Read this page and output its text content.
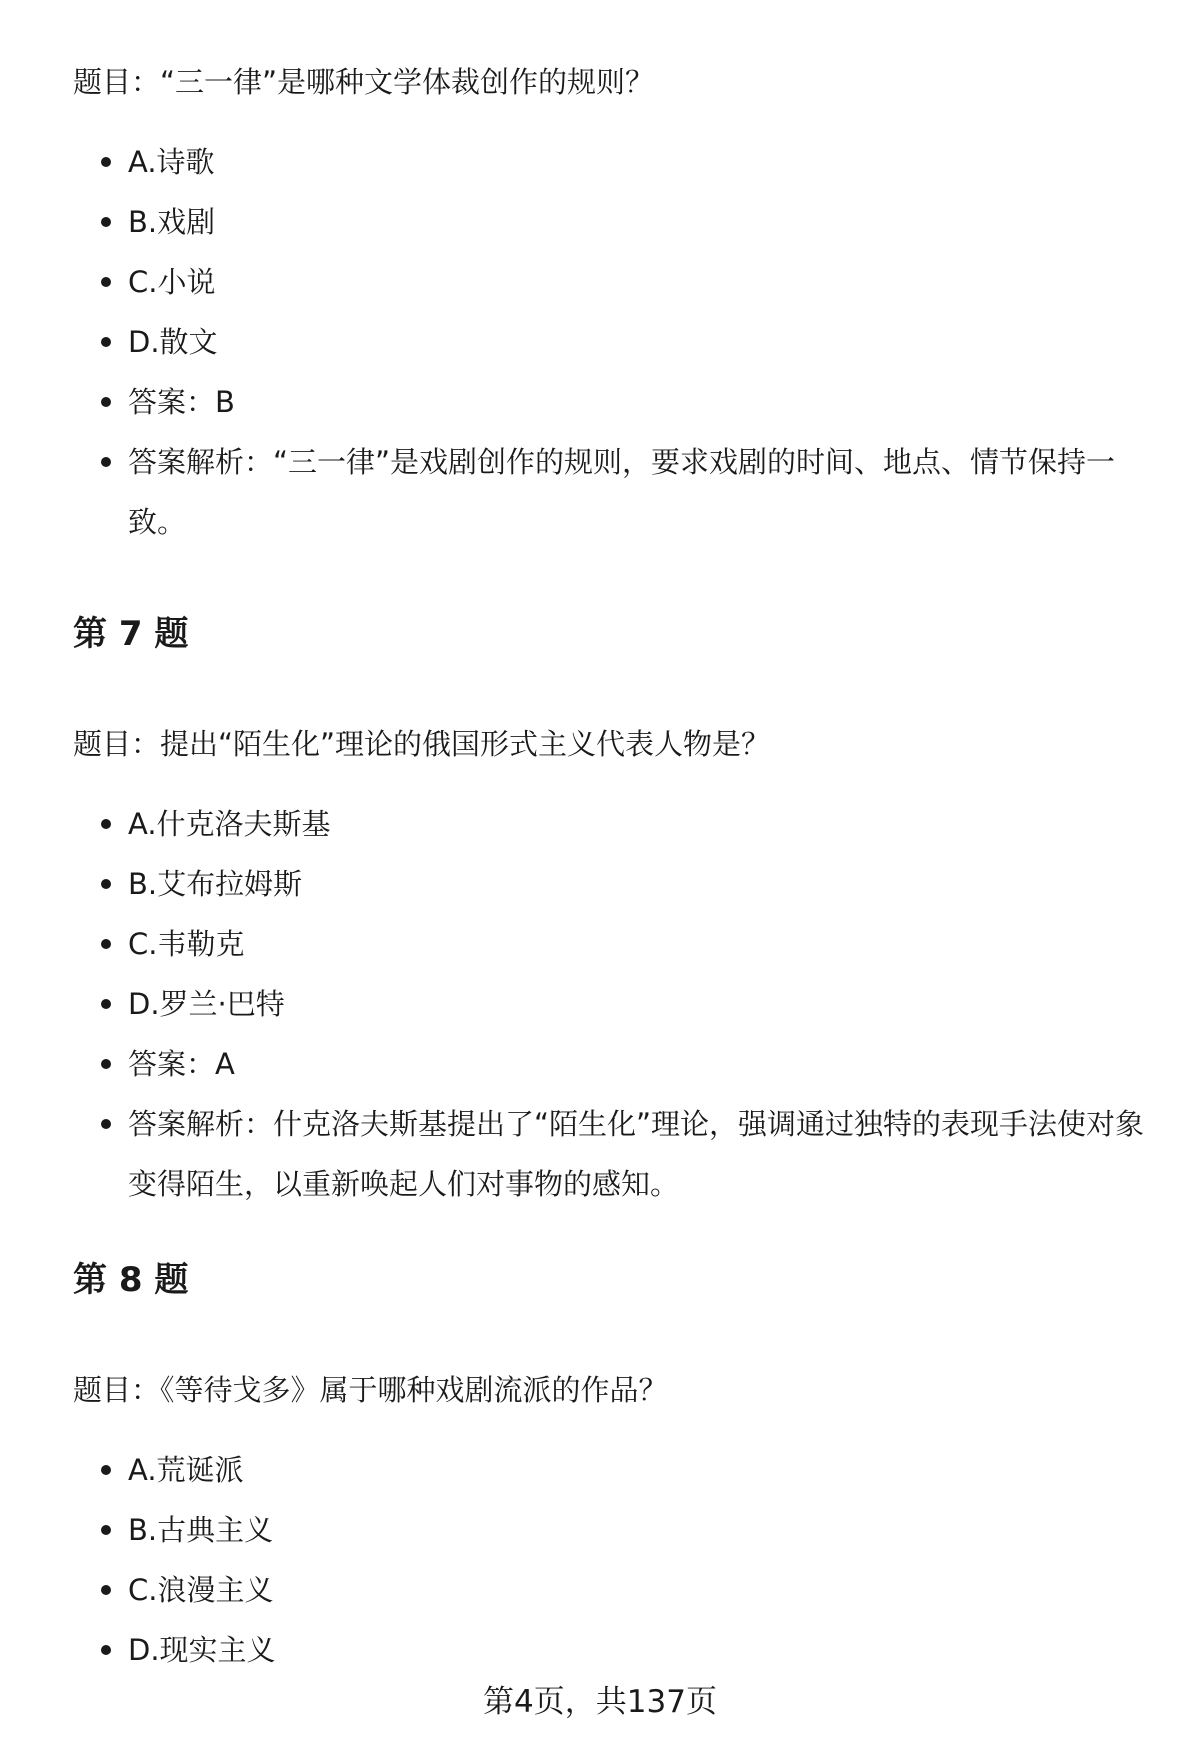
题目：“三一律”是哪种文学体裁创作的规则？

A.诗歌
B.戏剧
C.小说
D.散文
答案：B
答案解析：“三一律”是戏剧创作的规则，要求戏剧的时间、地点、情节保持一致。
第 7 题

题目：提出“陌生化”理论的俄国形式主义代表人物是？

A.什克洛夫斯基
B.艾布拉姆斯
C.韦勒克
D.罗兰·巴特
答案：A
答案解析：什克洛夫斯基提出了“陌生化”理论，强调通过独特的表现手法使对象变得陌生，以重新唤起人们对事物的感知。
第 8 题

题目：《等待戈多》属于哪种戏剧流派的作品？

A.荒诞派
B.古典主义
C.浪漫主义
D.现实主义
第4页，共137页
